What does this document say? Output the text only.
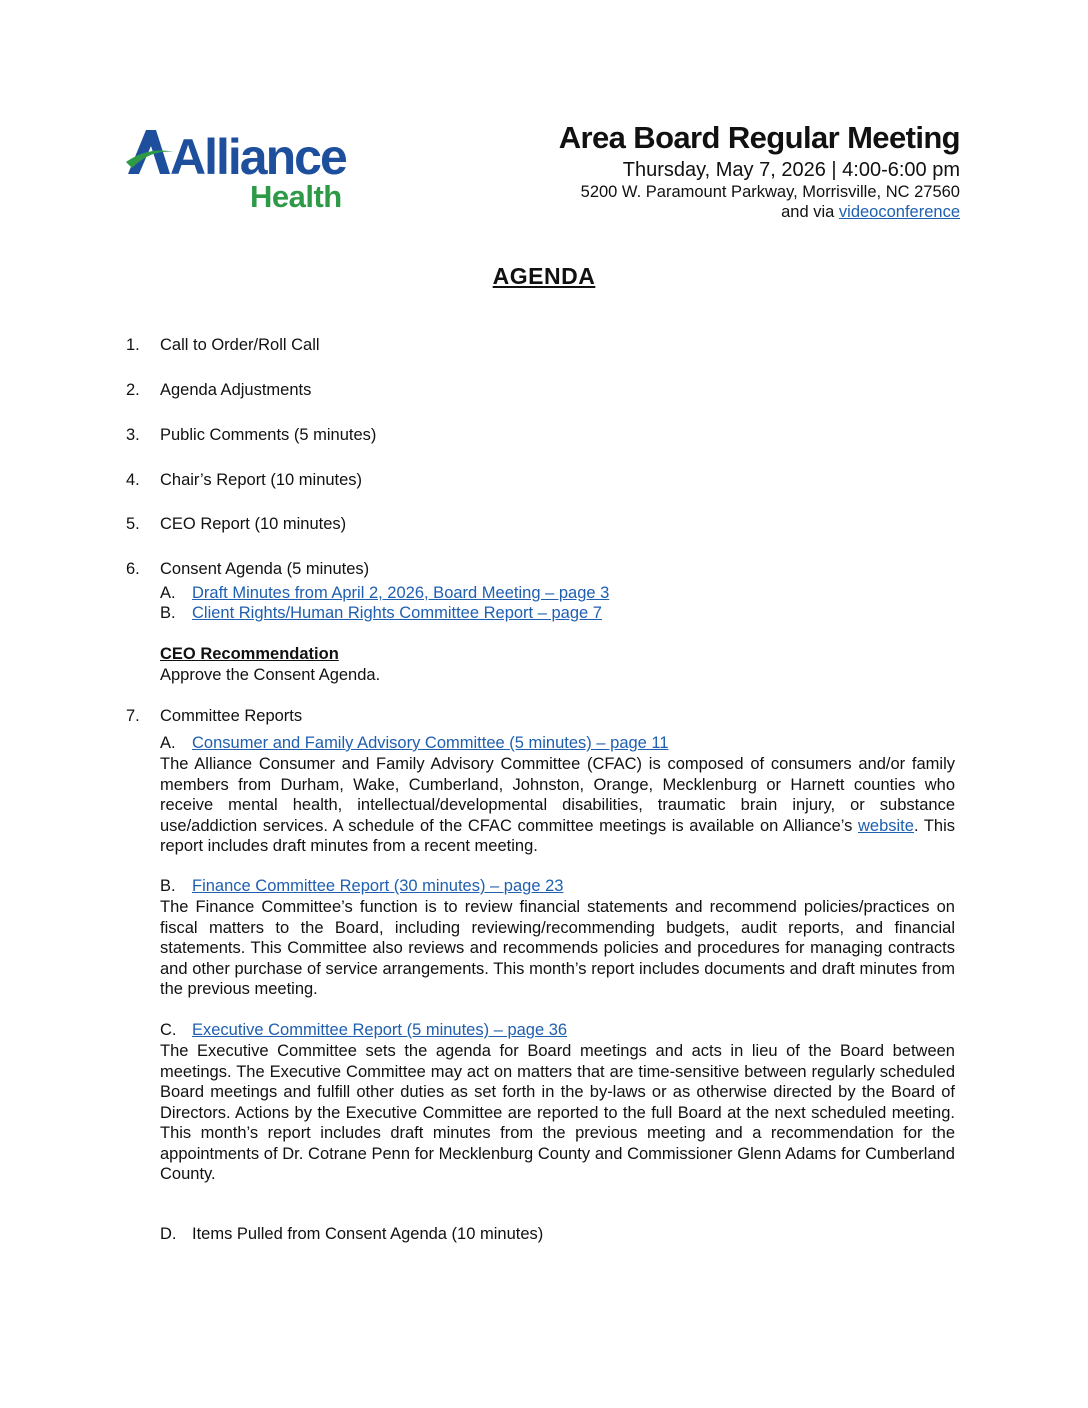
Alliance
Health
Area Board Regular Meeting
Thursday, May 7, 2026 | 4:00-6:00 pm
5200 W. Paramount Parkway, Morrisville, NC 27560
and via videoconference
AGENDA
1. Call to Order/Roll Call
2. Agenda Adjustments
3. Public Comments (5 minutes)
4. Chair’s Report (10 minutes)
5. CEO Report (10 minutes)
6. Consent Agenda (5 minutes)
A. Draft Minutes from April 2, 2026, Board Meeting – page 3
B. Client Rights/Human Rights Committee Report – page 7
CEO Recommendation
Approve the Consent Agenda.
7. Committee Reports
A. Consumer and Family Advisory Committee (5 minutes) – page 11
The Alliance Consumer and Family Advisory Committee (CFAC) is composed of consumers and/or family members from Durham, Wake, Cumberland, Johnston, Orange, Mecklenburg or Harnett counties who receive mental health, intellectual/developmental disabilities, traumatic brain injury, or substance use/addiction services. A schedule of the CFAC committee meetings is available on Alliance’s website. This report includes draft minutes from a recent meeting.
B. Finance Committee Report (30 minutes) – page 23
The Finance Committee’s function is to review financial statements and recommend policies/practices on fiscal matters to the Board, including reviewing/recommending budgets, audit reports, and financial statements. This Committee also reviews and recommends policies and procedures for managing contracts and other purchase of service arrangements. This month’s report includes documents and draft minutes from the previous meeting.
C. Executive Committee Report (5 minutes) – page 36
The Executive Committee sets the agenda for Board meetings and acts in lieu of the Board between meetings. The Executive Committee may act on matters that are time-sensitive between regularly scheduled Board meetings and fulfill other duties as set forth in the by-laws or as otherwise directed by the Board of Directors. Actions by the Executive Committee are reported to the full Board at the next scheduled meeting. This month’s report includes draft minutes from the previous meeting and a recommendation for the appointments of Dr. Cotrane Penn for Mecklenburg County and Commissioner Glenn Adams for Cumberland County.
D. Items Pulled from Consent Agenda (10 minutes)
